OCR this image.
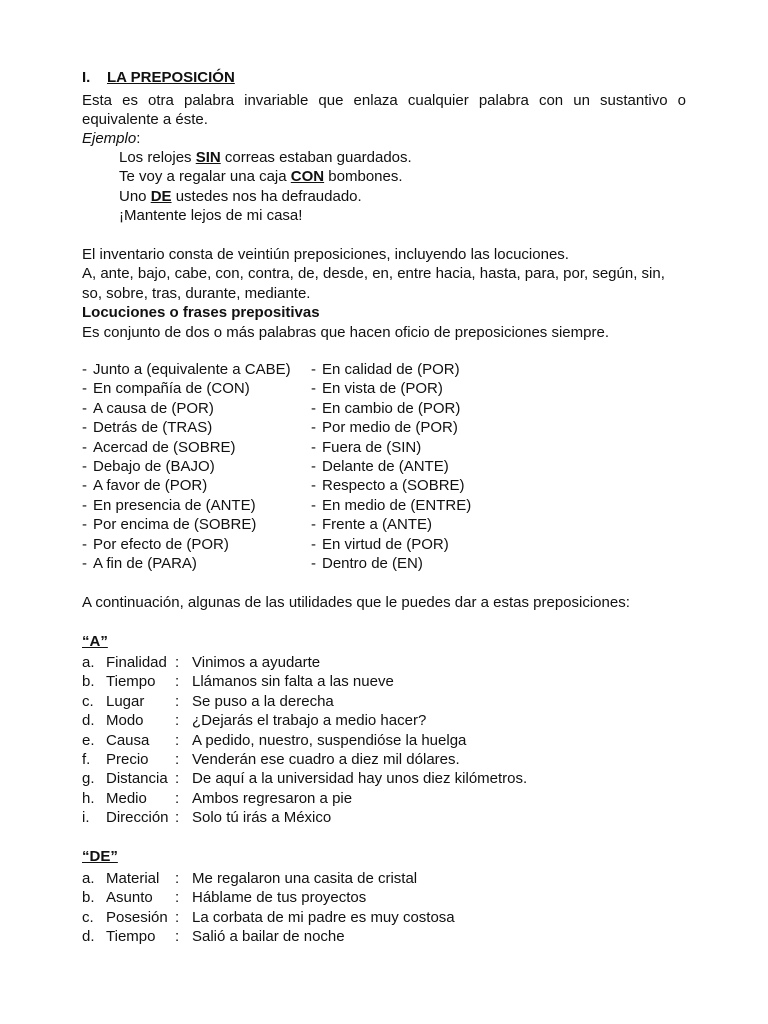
I. LA PREPOSICIÓN
Esta es otra palabra invariable que enlaza cualquier palabra con un sustantivo o equivalente a éste.
Ejemplo:
Los relojes SIN correas estaban guardados.
Te voy a regalar una caja CON bombones.
Uno DE ustedes nos ha defraudado.
¡Mantente lejos de mi casa!
El inventario consta de veintiún preposiciones, incluyendo las locuciones.
A, ante, bajo, cabe, con, contra, de, desde, en, entre hacia, hasta, para, por, según, sin, so, sobre, tras, durante, mediante.
Locuciones o frases prepositivas
Es conjunto de dos o más palabras que hacen oficio de preposiciones siempre.
- Junto a (equivalente a CABE)
- En compañía de (CON)
- A causa de (POR)
- Detrás de (TRAS)
- Acercad de (SOBRE)
- Debajo de (BAJO)
- A favor de (POR)
- En presencia de (ANTE)
- Por encima de (SOBRE)
- Por efecto de (POR)
- A fin de (PARA)
- En calidad de (POR)
- En vista de (POR)
- En cambio de (POR)
- Por medio de (POR)
- Fuera de (SIN)
- Delante de (ANTE)
- Respecto a (SOBRE)
- En medio de (ENTRE)
- Frente a (ANTE)
- En virtud de (POR)
- Dentro de (EN)
A continuación, algunas de las utilidades que le puedes dar a estas preposiciones:
“A”
a. Finalidad : Vinimos a ayudarte
b. Tiempo : Llámanos sin falta a las nueve
c. Lugar : Se puso a la derecha
d. Modo : ¿Dejarás el trabajo a medio hacer?
e. Causa : A pedido, nuestro, suspendióse la huelga
f. Precio : Venderán ese cuadro a diez mil dólares.
g. Distancia : De aquí a la universidad hay unos diez kilómetros.
h. Medio : Ambos regresaron a pie
i. Dirección : Solo tú irás a México
“DE”
a. Material : Me regalaron una casita de cristal
b. Asunto : Háblame de tus proyectos
c. Posesión : La corbata de mi padre es muy costosa
d. Tiempo : Salió a bailar de noche
